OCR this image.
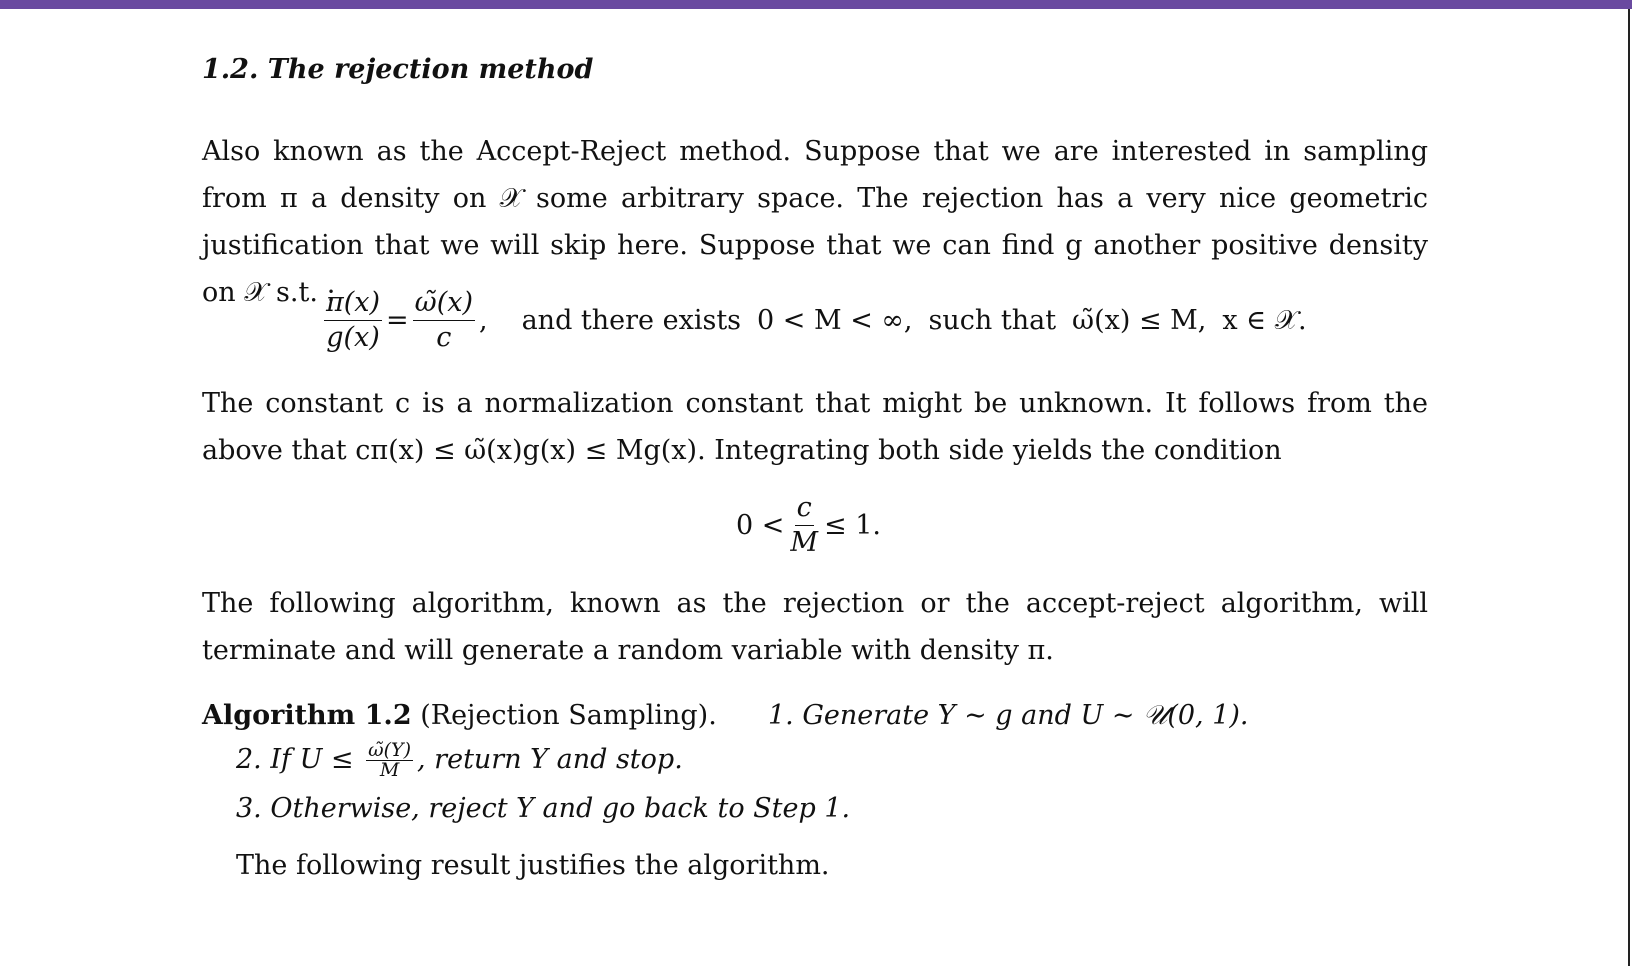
1.2. The rejection method
Also known as the Accept-Reject method. Suppose that we are interested in sampling from π a density on 𝒳 some arbitrary space. The rejection has a very nice geometric justification that we will skip here. Suppose that we can find g another positive density on 𝒳 s.t. :
$\frac{\pi(x)}{g(x)} = \frac{\omegã(x)}{c}$ , and there exists 0 < M < ∞, such that ω̃(x) ≤ M, x ∈ 𝒳.
The constant c is a normalization constant that might be unknown. It follows from the above that cπ(x) ≤ ω̃(x)g(x) ≤ Mg(x). Integrating both side yields the condition
$0 < \frac{c}{M} \le 1$.
The following algorithm, known as the rejection or the accept-reject algorithm, will terminate and will generate a random variable with density π.
Algorithm 1.2 (Rejection Sampling). 1. Generate Y ∼ g and U ∼ 𝒰(0, 1).
2. If $U \le \frac{\omegã(Y)}{M}$ , return Y and stop.
3. Otherwise, reject Y and go back to Step 1.
The following result justifies the algorithm.
